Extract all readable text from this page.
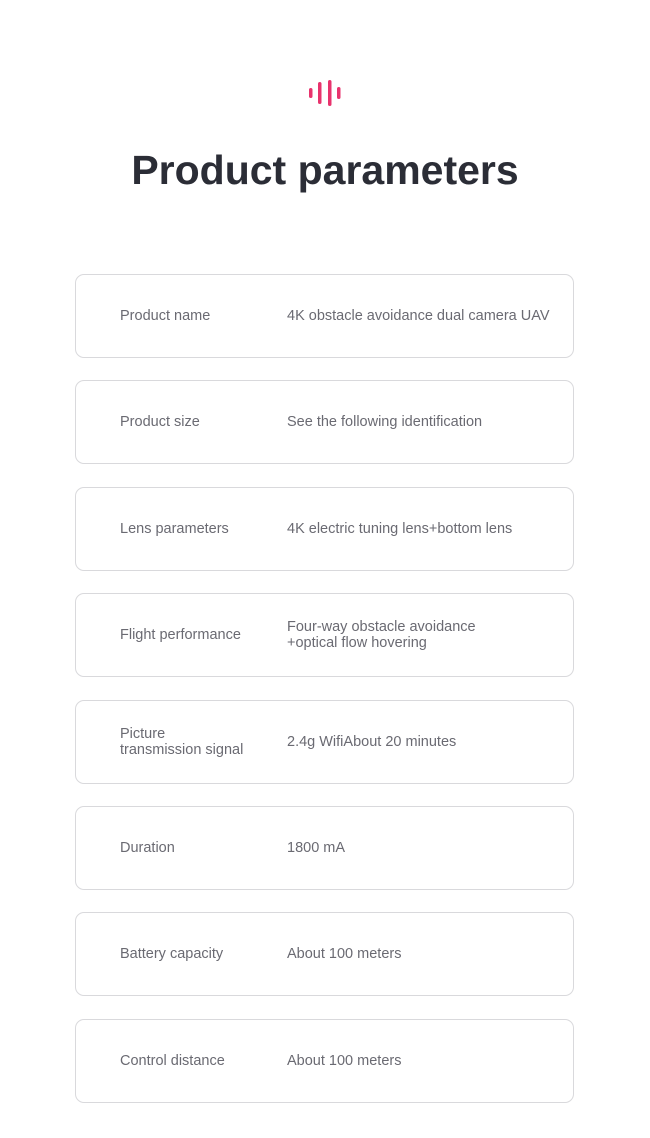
Product parameters
Product name	4K obstacle avoidance dual camera UAV
Product size	See the following identification
Lens parameters	4K electric tuning lens+bottom lens
Flight performance	Four-way obstacle avoidance
+optical flow hovering
Picture
transmission signal	2.4g WifiAbout 20 minutes
Duration	1800 mA
Battery capacity	About 100 meters
Control distance	About 100 meters
